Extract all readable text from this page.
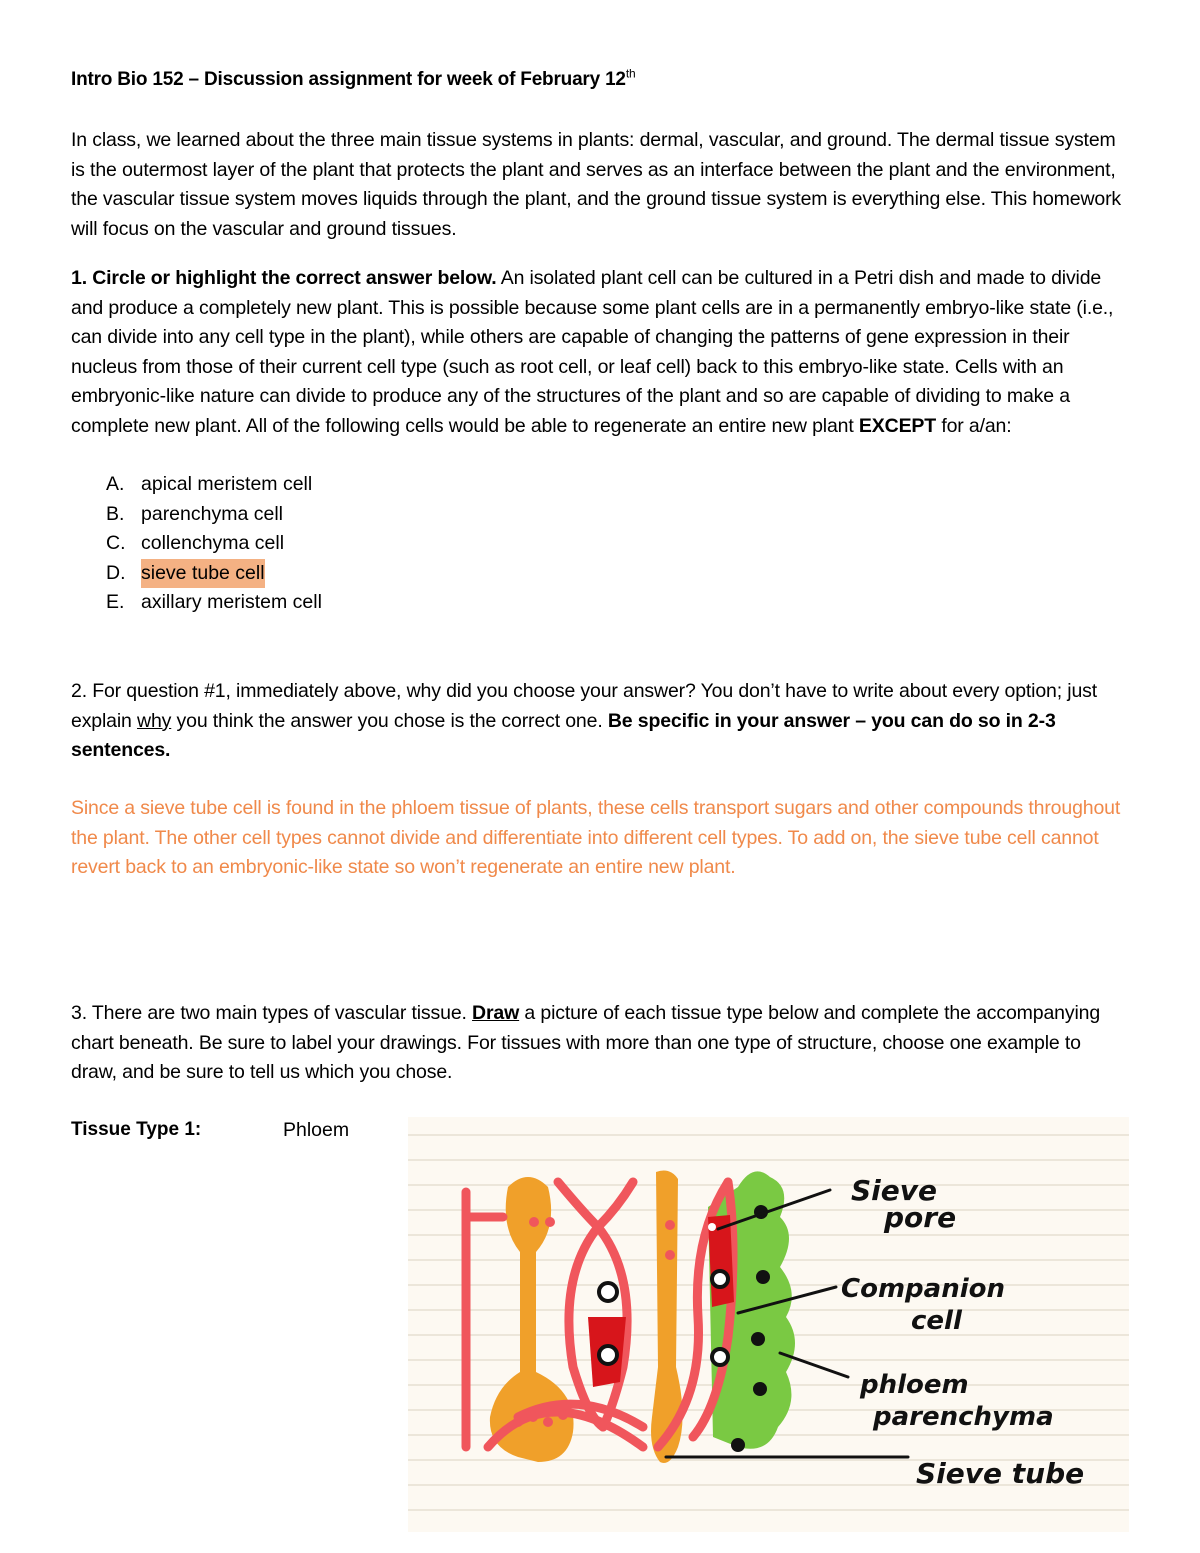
Intro Bio 152 – Discussion assignment for week of February 12th
In class, we learned about the three main tissue systems in plants: dermal, vascular, and ground. The dermal tissue system is the outermost layer of the plant that protects the plant and serves as an interface between the plant and the environment, the vascular tissue system moves liquids through the plant, and the ground tissue system is everything else. This homework will focus on the vascular and ground tissues.
1. Circle or highlight the correct answer below. An isolated plant cell can be cultured in a Petri dish and made to divide and produce a completely new plant. This is possible because some plant cells are in a permanently embryo-like state (i.e., can divide into any cell type in the plant), while others are capable of changing the patterns of gene expression in their nucleus from those of their current cell type (such as root cell, or leaf cell) back to this embryo-like state. Cells with an embryonic-like nature can divide to produce any of the structures of the plant and so are capable of dividing to make a complete new plant. All of the following cells would be able to regenerate an entire new plant EXCEPT for a/an:
A. apical meristem cell
B. parenchyma cell
C. collenchyma cell
D. sieve tube cell
E. axillary meristem cell
2. For question #1, immediately above, why did you choose your answer? You don’t have to write about every option; just explain why you think the answer you chose is the correct one. Be specific in your answer – you can do so in 2-3 sentences.
Since a sieve tube cell is found in the phloem tissue of plants, these cells transport sugars and other compounds throughout the plant. The other cell types cannot divide and differentiate into different cell types. To add on, the sieve tube cell cannot revert back to an embryonic-like state so won’t regenerate an entire new plant.
3. There are two main types of vascular tissue. Draw a picture of each tissue type below and complete the accompanying chart beneath. Be sure to label your drawings. For tissues with more than one type of structure, choose one example to draw, and be sure to tell us which you chose.
Tissue Type 1:	Phloem
Sieve
pore
Companion
cell
phloem
parenchyma
Sieve tube
